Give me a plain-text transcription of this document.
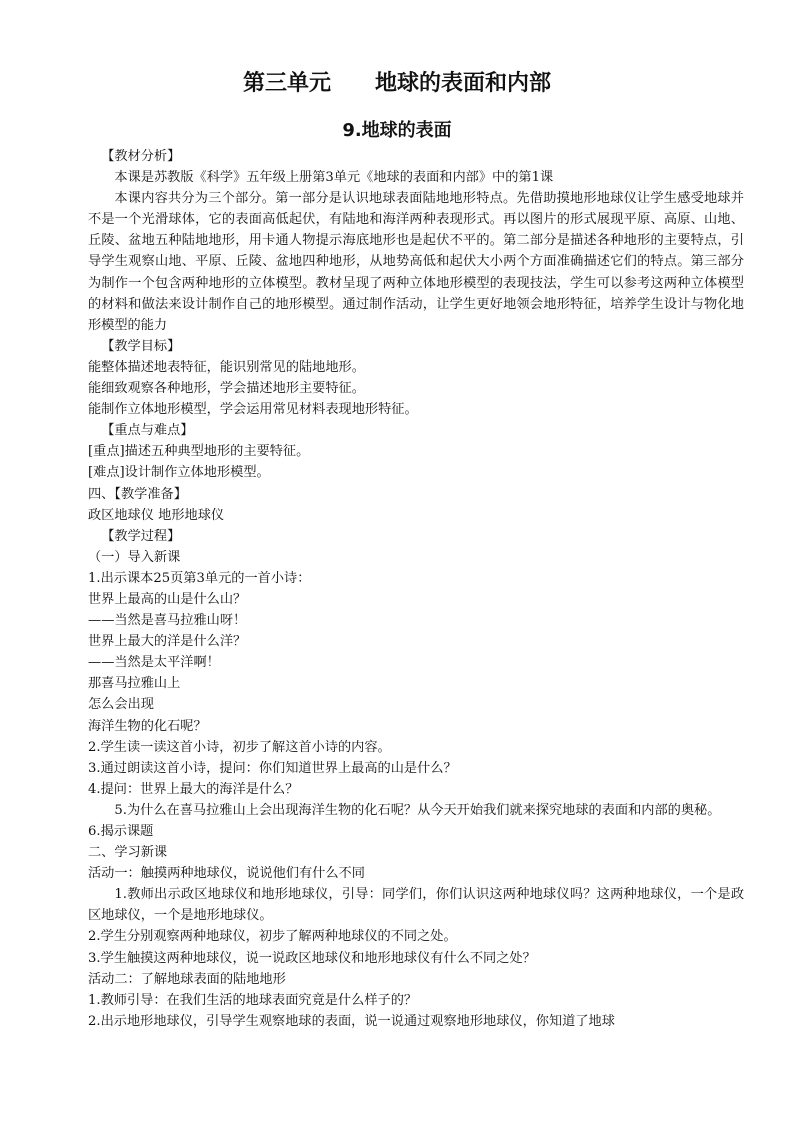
第三单元　　地球的表面和内部
9.地球的表面

【教材分析】

本课是苏教版《科学》五年级上册第3单元《地球的表面和内部》中的第1课

本课内容共分为三个部分。第一部分是认识地球表面陆地地形特点。先借助摸地形地球仪让学生感受地球并不是一个光滑球体，它的表面高低起伏，有陆地和海洋两种表现形式。再以图片的形式展现平原、高原、山地、丘陵、盆地五种陆地地形，用卡通人物提示海底地形也是起伏不平的。第二部分是描述各种地形的主要特点，引导学生观察山地、平原、丘陵、盆地四种地形，从地势高低和起伏大小两个方面准确描述它们的特点。第三部分为制作一个包含两种地形的立体模型。教材呈现了两种立体地形模型的表现技法，学生可以参考这两种立体模型的材料和做法来设计制作自己的地形模型。通过制作活动，让学生更好地领会地形特征，培养学生设计与物化地形模型的能力

【教学目标】

能整体描述地表特征，能识别常见的陆地地形。

能细致观察各种地形，学会描述地形主要特征。

能制作立体地形模型，学会运用常见材料表现地形特征。

【重点与难点】

[重点]描述五种典型地形的主要特征。

[难点]设计制作立体地形模型。

四、【教学准备】

政区地球仪 地形地球仪

【教学过程】

（一）导入新课

1.出示课本25页第3单元的一首小诗：

世界上最高的山是什么山？

——当然是喜马拉雅山呀！

世界上最大的洋是什么洋？

——当然是太平洋啊！

那喜马拉雅山上

怎么会出现

海洋生物的化石呢？

2.学生读一读这首小诗，初步了解这首小诗的内容。

3.通过朗读这首小诗，提问：你们知道世界上最高的山是什么？

4.提问：世界上最大的海洋是什么？

5.为什么在喜马拉雅山上会出现海洋生物的化石呢？从今天开始我们就来探究地球的表面和内部的奥秘。

6.揭示课题

二、学习新课

活动一：触摸两种地球仪，说说他们有什么不同

1.教师出示政区地球仪和地形地球仪，引导：同学们，你们认识这两种地球仪吗？这两种地球仪，一个是政区地球仪，一个是地形地球仪。

2.学生分别观察两种地球仪，初步了解两种地球仪的不同之处。

3.学生触摸这两种地球仪，说一说政区地球仪和地形地球仪有什么不同之处？

活动二：了解地球表面的陆地地形

1.教师引导：在我们生活的地球表面究竟是什么样子的？

2.出示地形地球仪，引导学生观察地球的表面，说一说通过观察地形地球仪，你知道了地球
